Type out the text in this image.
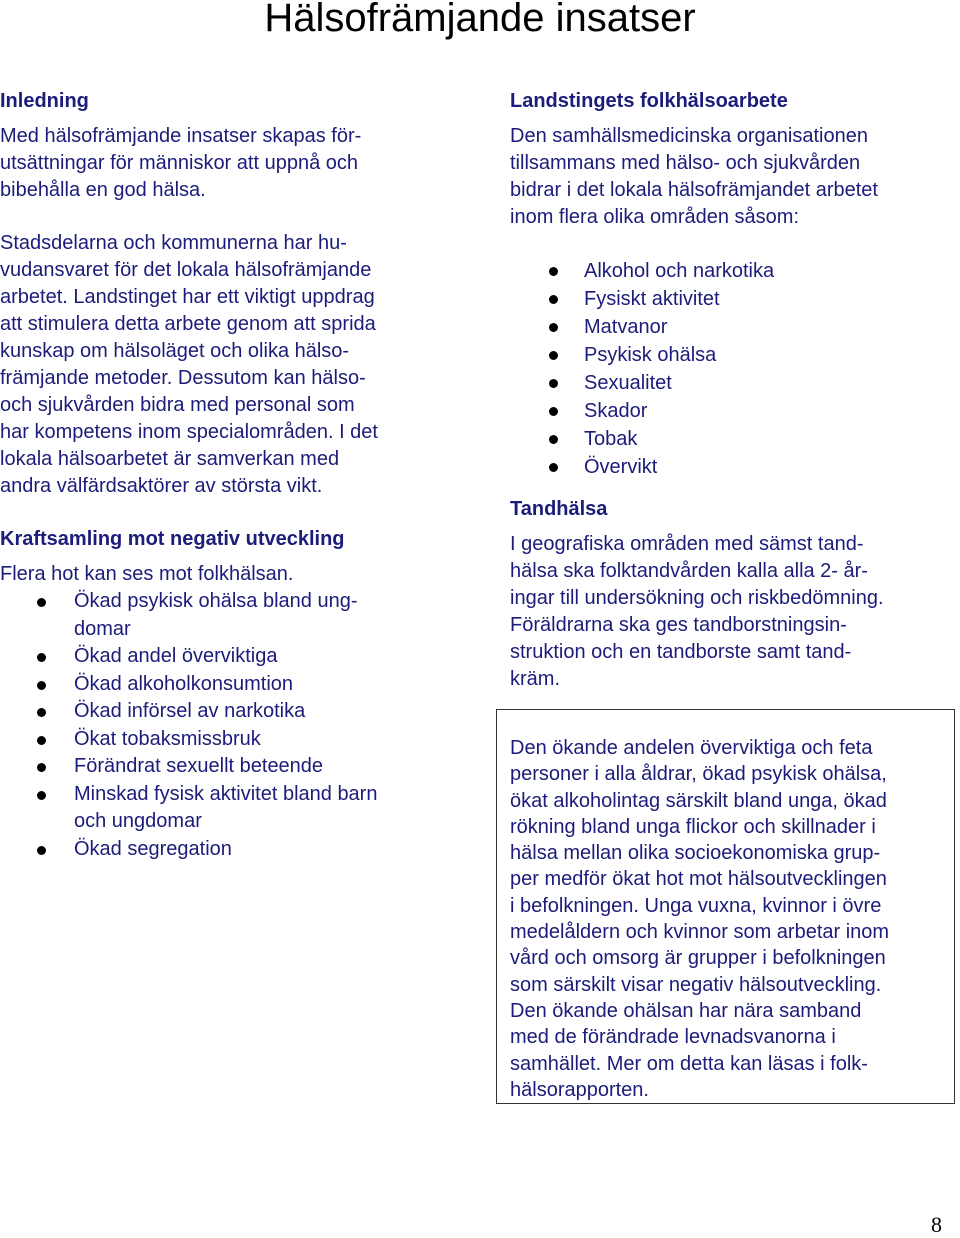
Hälsofrämjande insatser
Inledning

Med hälsofrämjande insatser skapas för-
utsättningar för människor att uppnå och
bibehålla en god hälsa.

Stadsdelarna och kommunerna har hu-
vudansvaret för det lokala hälsofrämjande
arbetet. Landstinget har ett viktigt uppdrag
att stimulera detta arbete genom att sprida
kunskap om hälsoläget och olika hälso-
främjande metoder. Dessutom kan hälso-
och sjukvården bidra med personal som
har kompetens inom specialområden. I det
lokala hälsoarbetet är samverkan med
andra välfärdsaktörer av största vikt.

Kraftsamling mot negativ utveckling

Flera hot kan ses mot folkhälsan.

Ökad psykisk ohälsa bland ung-
domar
Ökad andel överviktiga
Ökad alkoholkonsumtion
Ökad införsel av narkotika
Ökat tobaksmissbruk
Förändrat sexuellt beteende
Minskad fysisk aktivitet bland barn
och ungdomar
Ökad segregation
Landstingets folkhälsoarbete

Den samhällsmedicinska organisationen
tillsammans med hälso- och sjukvården
bidrar i det lokala hälsofrämjandet arbetet
inom flera olika områden såsom:

Alkohol och narkotika
Fysiskt aktivitet
Matvanor
Psykisk ohälsa
Sexualitet
Skador
Tobak
Övervikt
Tandhälsa

I geografiska områden med sämst tand-
hälsa ska folktandvården kalla alla 2- år-
ingar till undersökning och riskbedömning.
Föräldrarna ska ges tandborstningsin-
struktion och en tandborste samt tand-
kräm.

Den ökande andelen överviktiga och feta
personer i alla åldrar, ökad psykisk ohälsa,
ökat alkoholintag särskilt bland unga, ökad
rökning bland unga flickor och skillnader i
hälsa mellan olika socioekonomiska grup-
per medför ökat hot mot hälsoutvecklingen
i befolkningen. Unga vuxna, kvinnor i övre
medelåldern och kvinnor som arbetar inom
vård och omsorg är grupper i befolkningen
som särskilt visar negativ hälsoutveckling.
Den ökande ohälsan har nära samband
med de förändrade levnadsvanorna i
samhället. Mer om detta kan läsas i folk-
hälsorapporten.
8
